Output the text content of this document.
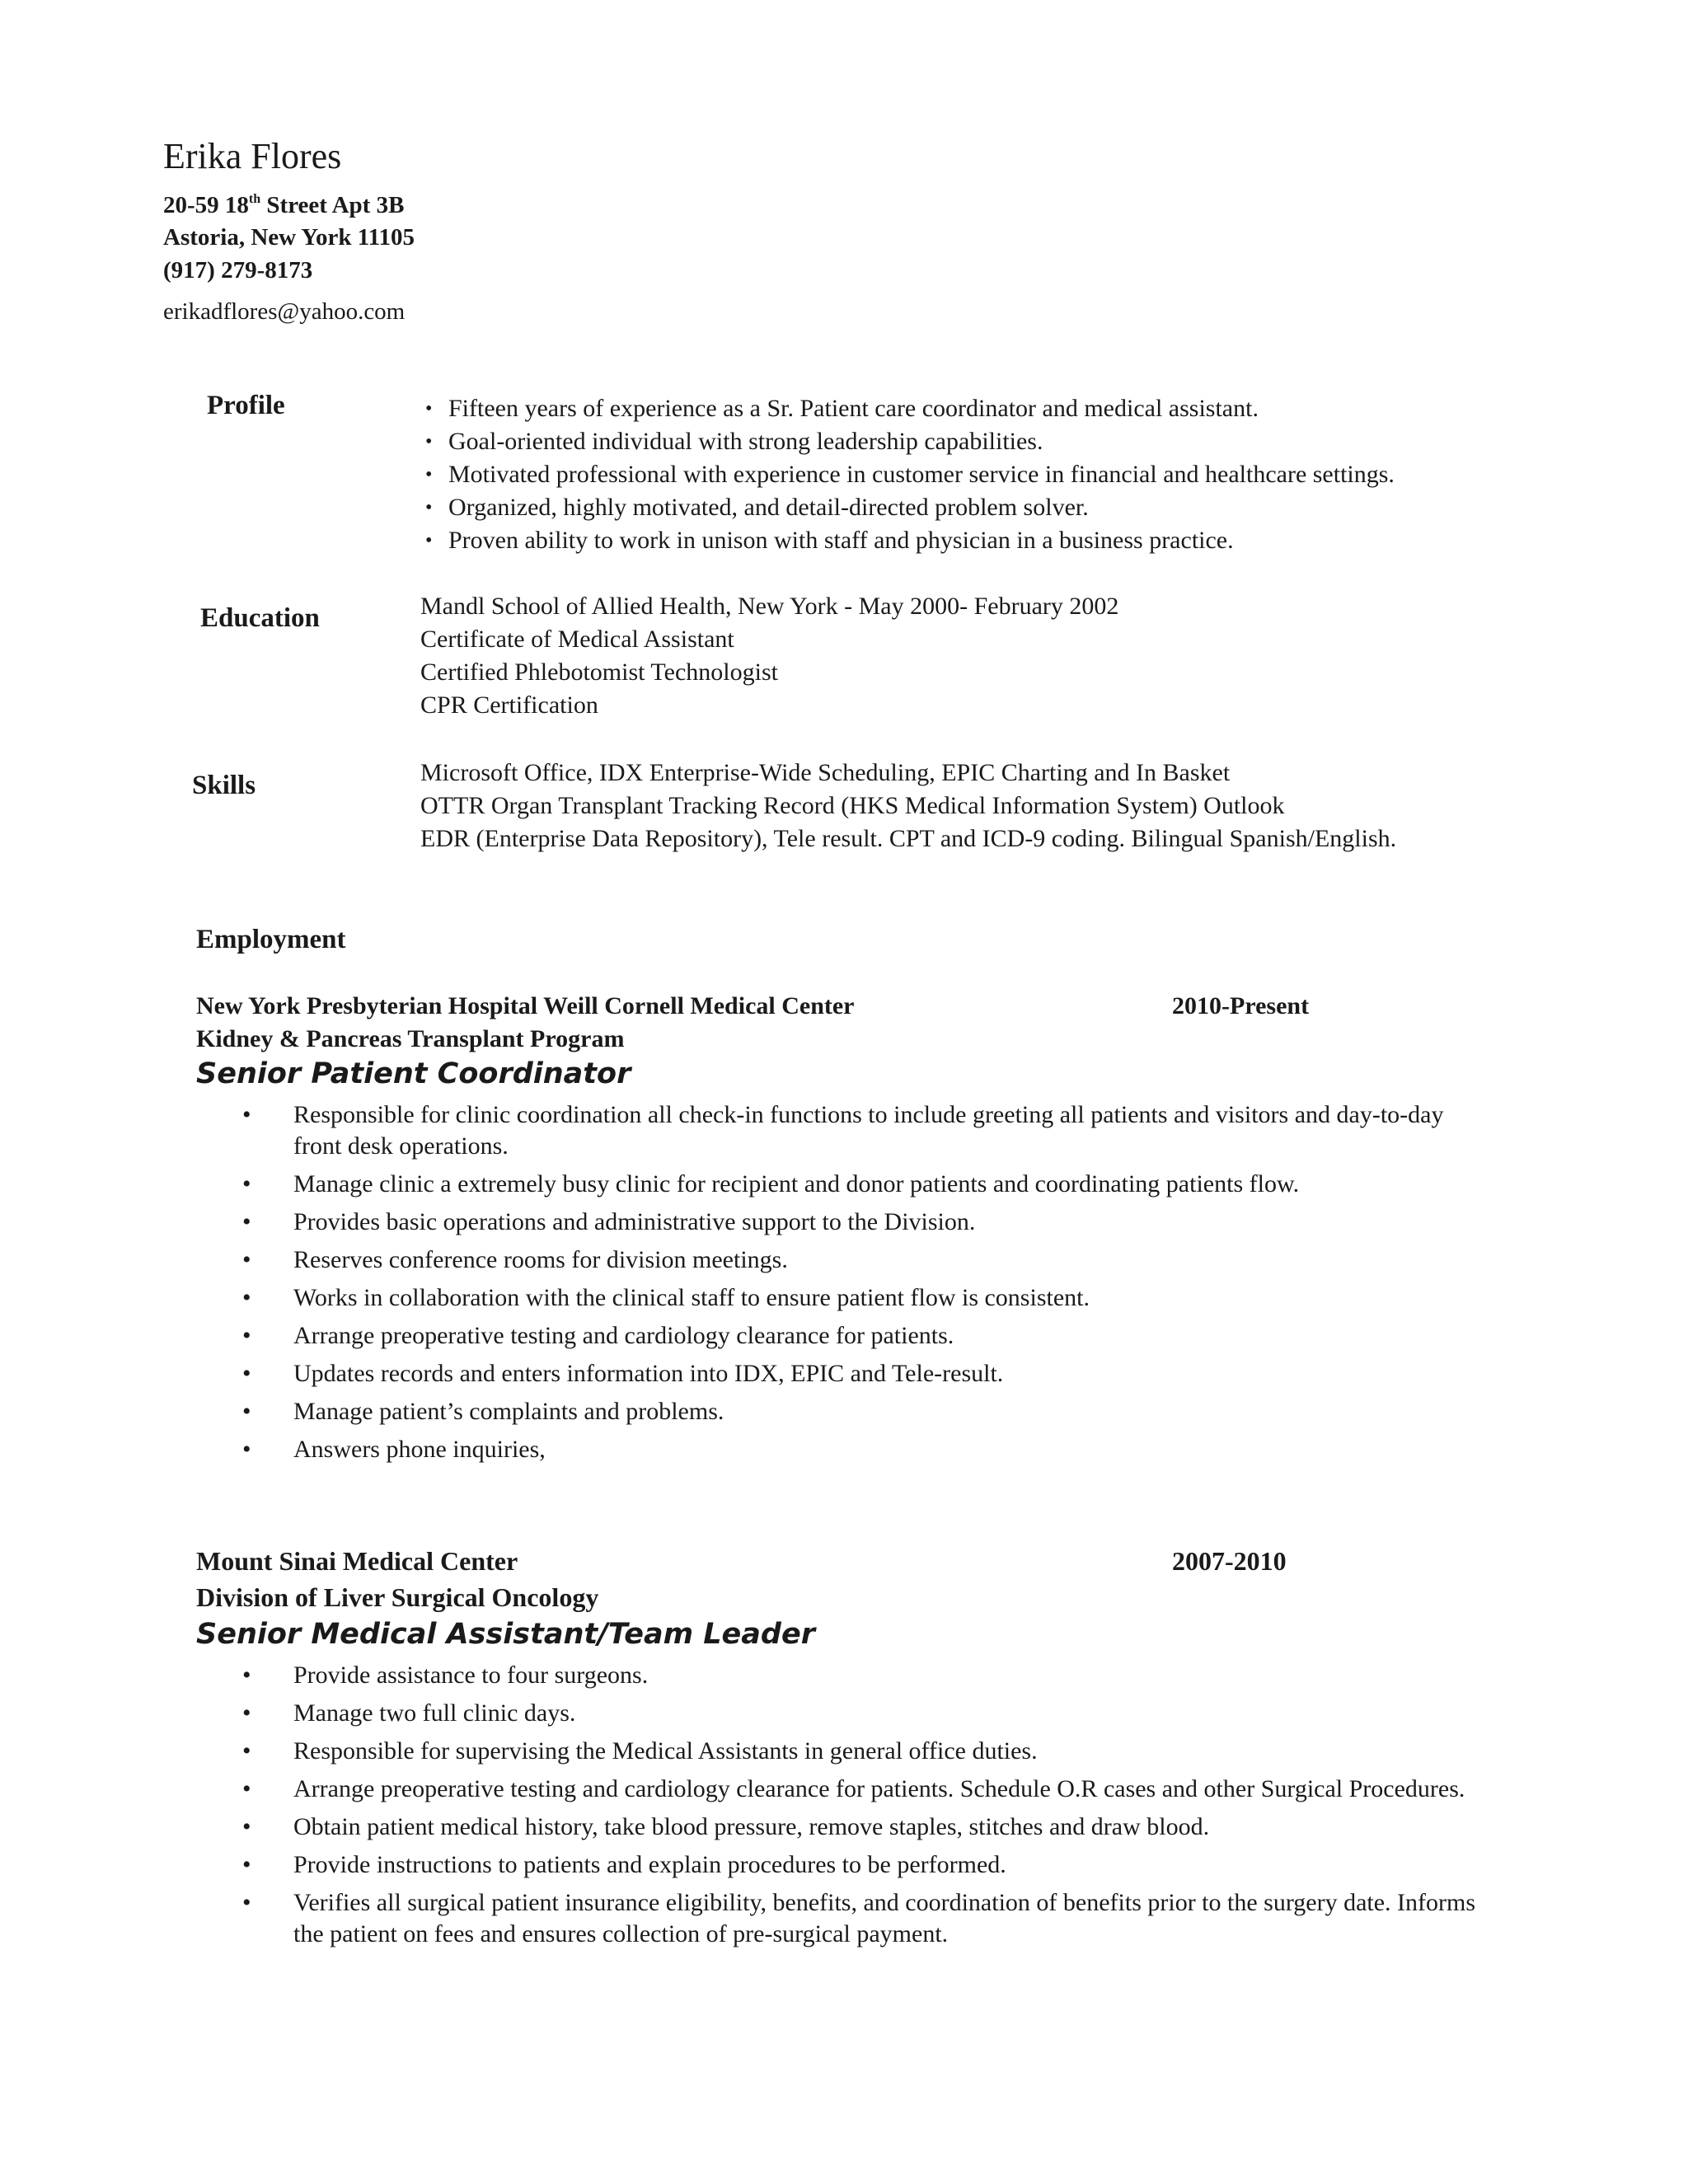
Erika Flores
20-59 18th Street Apt 3B
Astoria, New York 11105
(917) 279-8173
erikadflores@yahoo.com
Profile	• Fifteen years of experience as a Sr. Patient care coordinator and medical assistant.
• Goal-oriented individual with strong leadership capabilities.
• Motivated professional with experience in customer service in financial and healthcare settings.
• Organized, highly motivated, and detail-directed problem solver.
• Proven ability to work in unison with staff and physician in a business practice.
Education	Mandl School of Allied Health, New York - May 2000- February 2002
Certificate of Medical Assistant
Certified Phlebotomist Technologist
CPR Certification
Skills	Microsoft Office, IDX Enterprise-Wide Scheduling, EPIC Charting and In Basket
OTTR Organ Transplant Tracking Record (HKS Medical Information System) Outlook
EDR (Enterprise Data Repository), Tele result. CPT and ICD-9 coding. Bilingual Spanish/English.
Employment
New York Presbyterian Hospital Weill Cornell Medical Center	2010-Present
Kidney & Pancreas Transplant Program
Senior Patient Coordinator
• Responsible for clinic coordination all check-in functions to include greeting all patients and visitors and day-to-day front desk operations.
• Manage clinic a extremely busy clinic for recipient and donor patients and coordinating patients flow.
• Provides basic operations and administrative support to the Division.
• Reserves conference rooms for division meetings.
• Works in collaboration with the clinical staff to ensure patient flow is consistent.
• Arrange preoperative testing and cardiology clearance for patients.
• Updates records and enters information into IDX, EPIC and Tele-result.
• Manage patient’s complaints and problems.
• Answers phone inquiries,
Mount Sinai Medical Center	2007-2010
Division of Liver Surgical Oncology
Senior Medical Assistant/Team Leader
• Provide assistance to four surgeons.
• Manage two full clinic days.
• Responsible for supervising the Medical Assistants in general office duties.
• Arrange preoperative testing and cardiology clearance for patients. Schedule O.R cases and other Surgical Procedures.
• Obtain patient medical history, take blood pressure, remove staples, stitches and draw blood.
• Provide instructions to patients and explain procedures to be performed.
• Verifies all surgical patient insurance eligibility, benefits, and coordination of benefits prior to the surgery date. Informs the patient on fees and ensures collection of pre-surgical payment.
